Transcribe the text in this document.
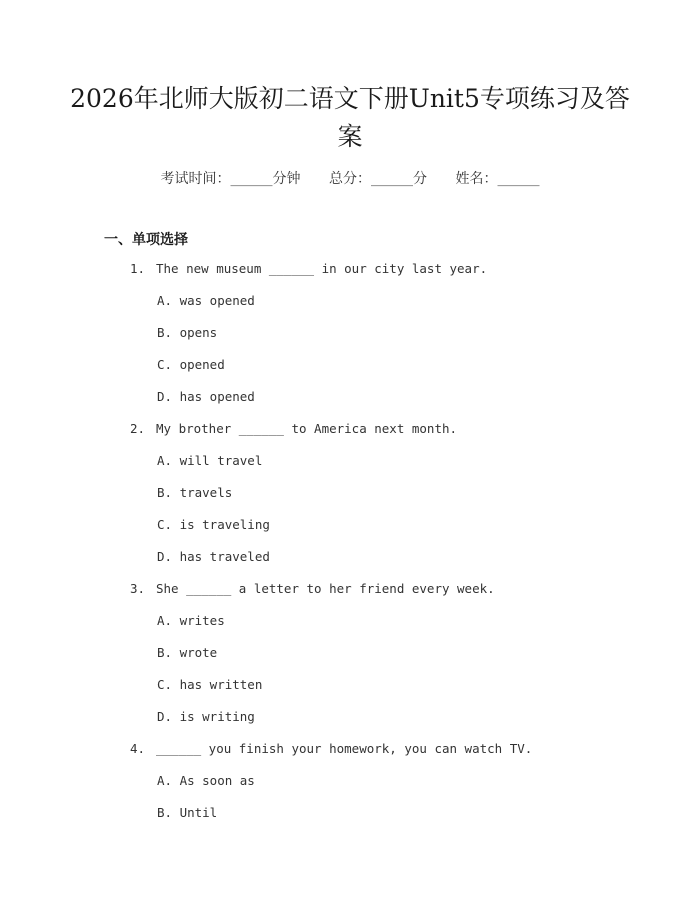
2026年北师大版初二语文下册Unit5专项练习及答案
考试时间：______分钟 总分：______分 姓名：______
一、单项选择
1. The new museum ______ in our city last year.
A. was opened
B. opens
C. opened
D. has opened
2. My brother ______ to America next month.
A. will travel
B. travels
C. is traveling
D. has traveled
3. She ______ a letter to her friend every week.
A. writes
B. wrote
C. has written
D. is writing
4. ______ you finish your homework, you can watch TV.
A. As soon as
B. Until
